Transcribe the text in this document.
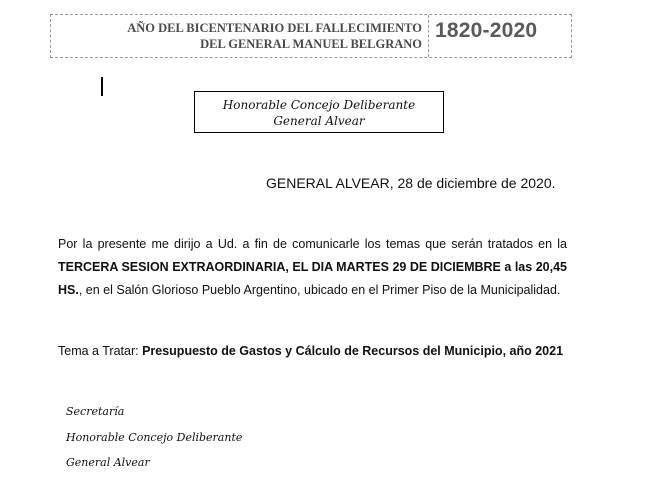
AÑO DEL BICENTENARIO DEL FALLECIMIENTO
DEL GENERAL MANUEL BELGRANO
1820-2020
Honorable Concejo Deliberante
General Alvear
GENERAL ALVEAR, 28 de diciembre de 2020.
Por la presente me dirijo a Ud. a fin de comunicarle los temas que serán tratados en la TERCERA SESION EXTRAORDINARIA, EL DIA MARTES 29 DE DICIEMBRE a las 20,45 HS., en el Salón Glorioso Pueblo Argentino, ubicado en el Primer Piso de la Municipalidad.
Tema a Tratar: Presupuesto de Gastos y Cálculo de Recursos del Municipio, año 2021
Secretaría
Honorable Concejo Deliberante
General Alvear
